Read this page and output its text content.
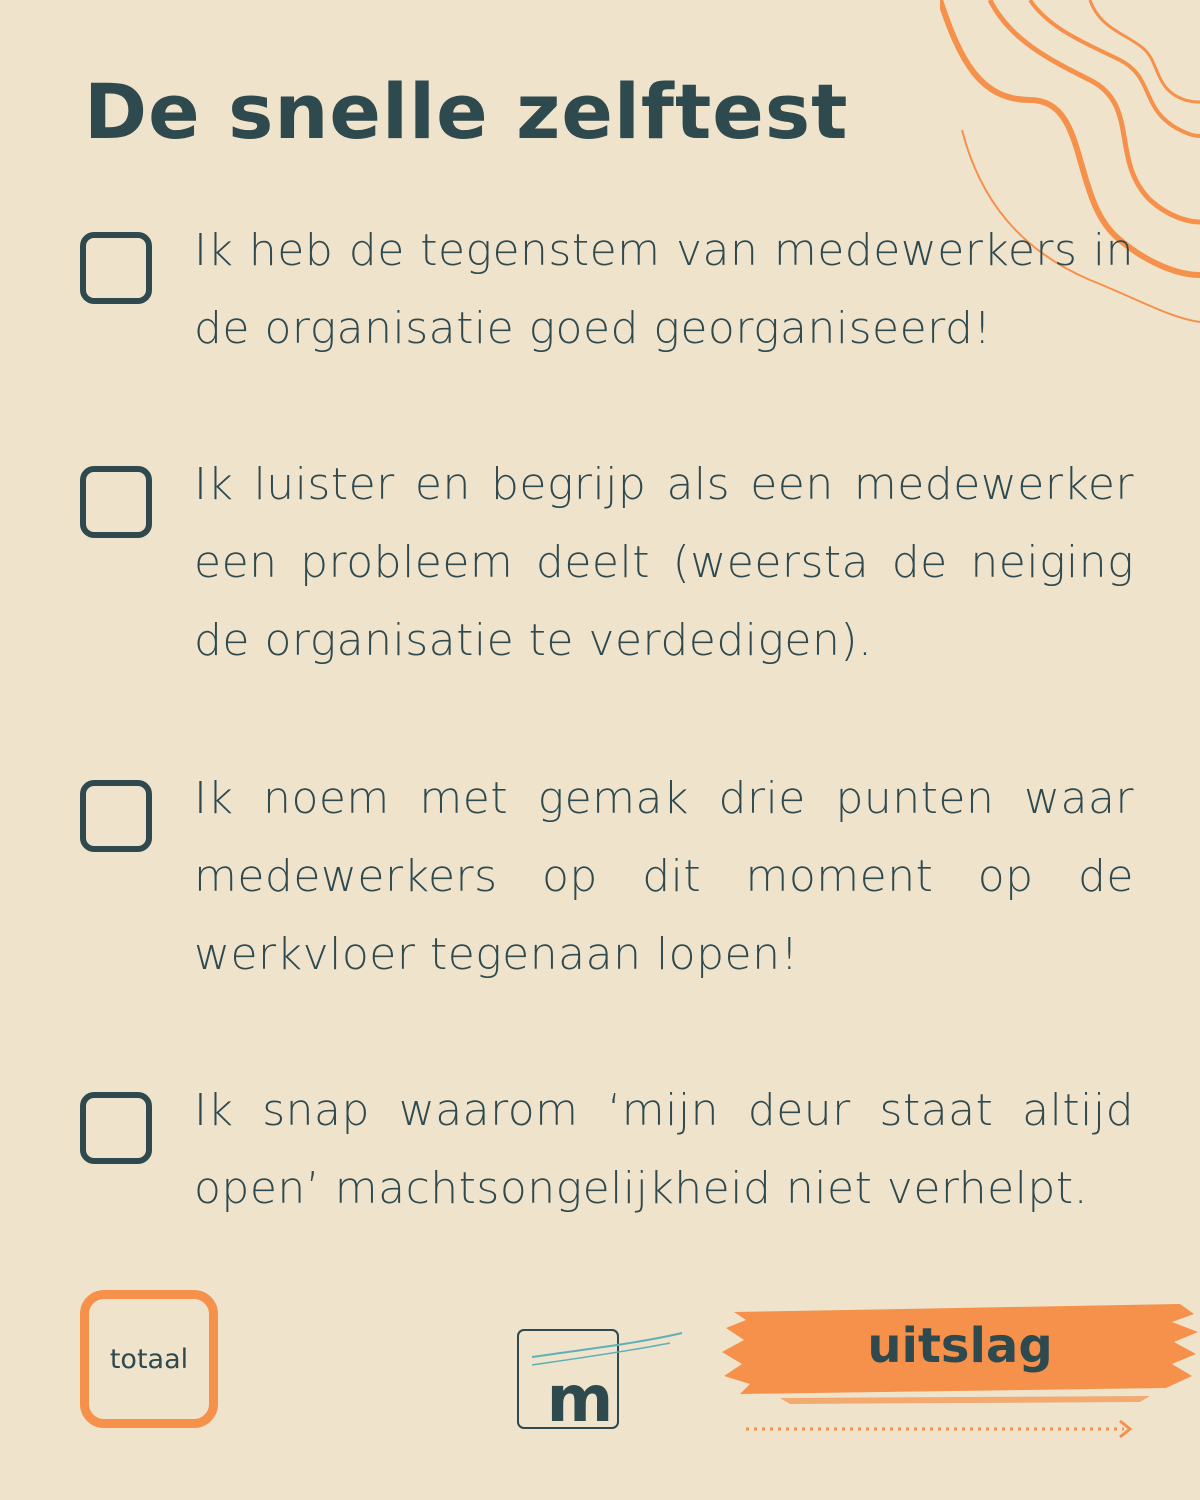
De snelle zelftest

Ik heb de tegenstem van medewerkers in de organisatie goed georganiseerd!

Ik luister en begrijp als een medewerker een probleem deelt (weersta de neiging de organisatie te verdedigen).

Ik noem met gemak drie punten waar medewerkers op dit moment op de werkvloer tegenaan lopen!

Ik snap waarom ‘mijn deur staat altijd open’ machtsongelijkheid niet verhelpt.

totaal
m

uitslag
